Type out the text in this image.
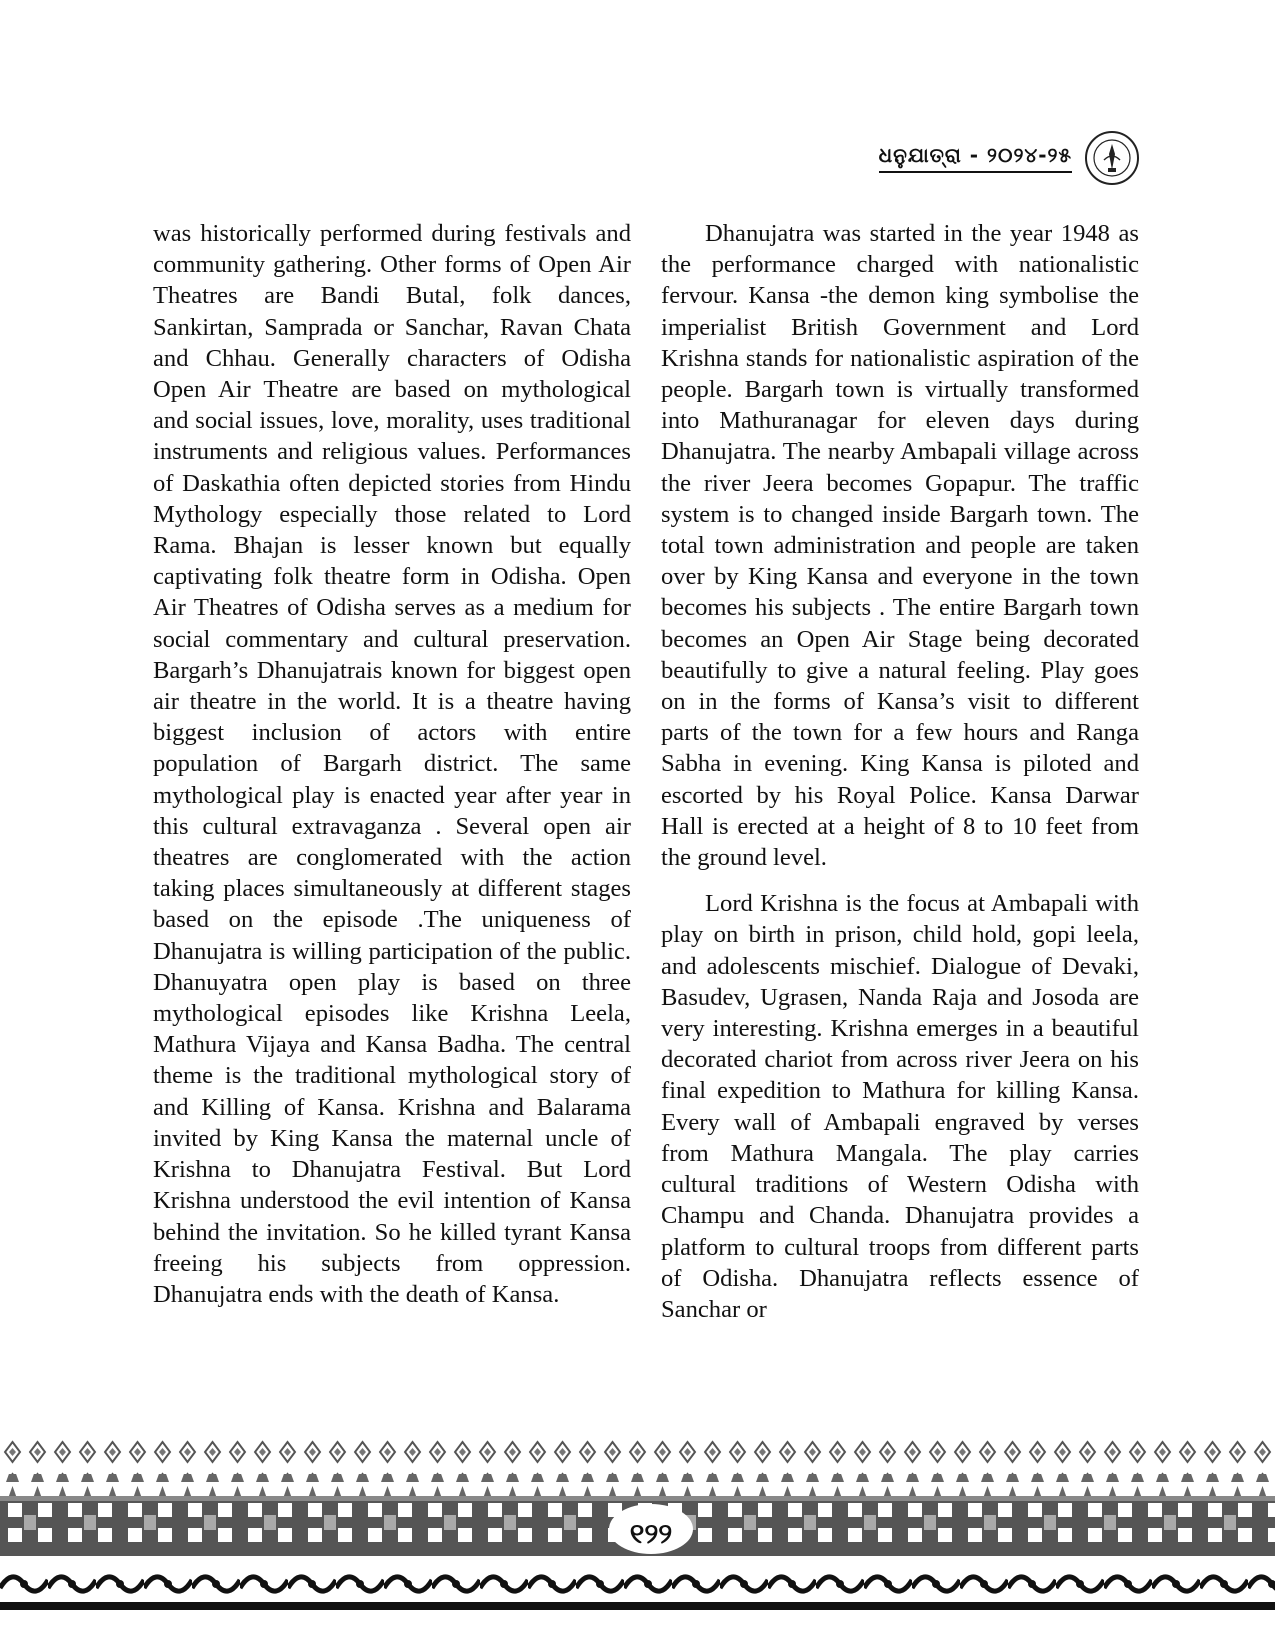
ଧନୁଯାତ୍ରା - ୨୦୨୪-୨୫

was historically performed during festivals and community gathering. Other forms of Open Air Theatres are Bandi Butal, folk dances, Sankirtan, Samprada or Sanchar, Ravan Chata and Chhau. Generally characters of Odisha Open Air Theatre are based on mythological and social issues, love, morality, uses traditional instruments and religious values. Performances of Daskathia often depicted stories from Hindu Mythology especially those related to Lord Rama. Bhajan is lesser known but equally captivating folk theatre form in Odisha. Open Air Theatres of Odisha serves as a medium for social commentary and cultural preservation. Bargarh’s Dhanujatrais known for biggest open air theatre in the world. It is a theatre having biggest inclusion of actors with entire population of Bargarh district. The same mythological play is enacted year after year in this cultural extravaganza . Several open air theatres are conglomerated with the action taking places simultaneously at different stages based on the episode .The uniqueness of Dhanujatra is willing participation of the public. Dhanuyatra open play is based on three mythological episodes like Krishna Leela, Mathura Vijaya and Kansa Badha. The central theme is the traditional mythological story of and Killing of Kansa. Krishna and Balarama invited by King Kansa the maternal uncle of Krishna to Dhanujatra Festival. But Lord Krishna understood the evil intention of Kansa behind the invitation. So he killed tyrant Kansa freeing his subjects from oppression. Dhanujatra ends with the death of Kansa.

Dhanujatra was started in the year 1948 as the performance charged with nationalistic fervour. Kansa -the demon king symbolise the imperialist British Government and Lord Krishna stands for nationalistic aspiration of the people. Bargarh town is virtually transformed into Mathuranagar for eleven days during Dhanujatra. The nearby Ambapali village across the river Jeera becomes Gopapur. The traffic system is to changed inside Bargarh town. The total town administration and people are taken over by King Kansa and everyone in the town becomes his subjects . The entire Bargarh town becomes an Open Air Stage being decorated beautifully to give a natural feeling. Play goes on in the forms of Kansa’s visit to different parts of the town for a few hours and Ranga Sabha in evening. King Kansa is piloted and escorted by his Royal Police. Kansa Darwar Hall is erected at a height of 8 to 10 feet from the ground level.

Lord Krishna is the focus at Ambapali with play on birth in prison, child hold, gopi leela, and adolescents mischief. Dialogue of Devaki, Basudev, Ugrasen, Nanda Raja and Josoda are very interesting. Krishna emerges in a beautiful decorated chariot from across river Jeera on his final expedition to Mathura for killing Kansa. Every wall of Ambapali engraved by verses from Mathura Mangala. The play carries cultural traditions of Western Odisha with Champu and Chanda. Dhanujatra provides a platform to cultural troops from different parts of Odisha. Dhanujatra reflects essence of Sanchar or

୧୨୨
